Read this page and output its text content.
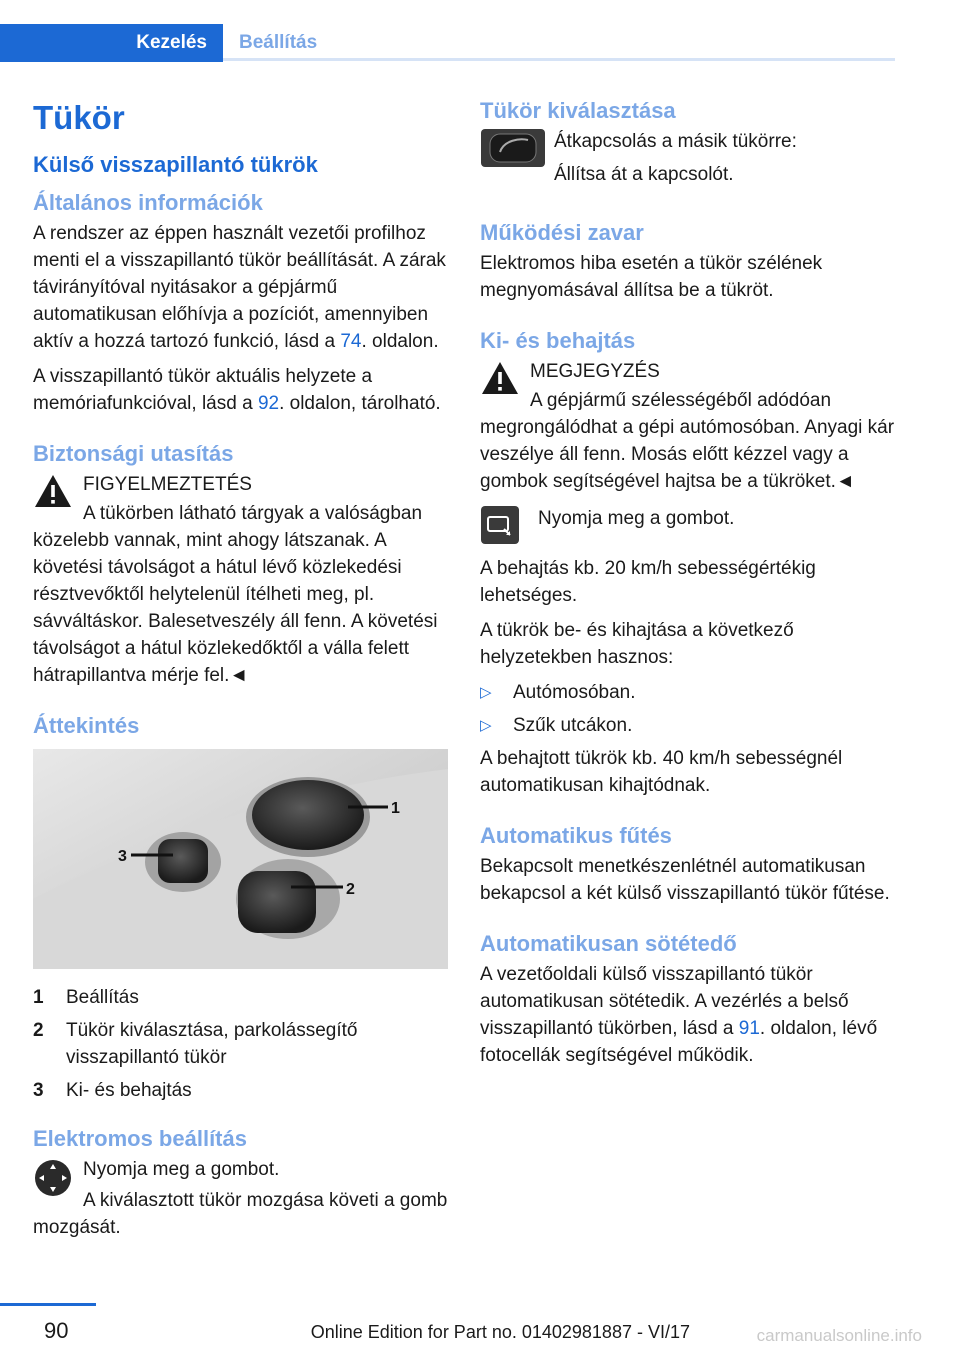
Kezelés	Beállítás
Tükör
Külső visszapillantó tükrök
Általános információk

A rendszer az éppen használt vezetői profilhoz menti el a visszapillantó tükör beállítását. A zárak távirányítóval nyitásakor a gépjármű automatikusan előhívja a pozíciót, amennyiben aktív a hozzá tartozó funkció, lásd a 74. oldalon.

A visszapillantó tükör aktuális helyzete a memóriafunkcióval, lásd a 92. oldalon, tárolható.

Biztonsági utasítás

FIGYELMEZTETÉS

A tükörben látható tárgyak a valóságban közelebb vannak, mint ahogy látszanak. A követési távolságot a hátul lévő közlekedési résztvevőktől helytelenül ítélheti meg, pl. sávváltáskor. Balesetveszély áll fenn. A követési távolságot a hátul közlekedőktől a válla felett hátrapillantva mérje fel.◄

Áttekintés
1
2
3
1	Beállítás
2	Tükör kiválasztása, parkolássegítő visszapillantó tükör
3	Ki- és behajtás
Elektromos beállítás

Nyomja meg a gombot.

A kiválasztott tükör mozgása követi a gomb mozgását.

Tükör kiválasztása

Átkapcsolás a másik tükörre:

Állítsa át a kapcsolót.

Működési zavar

Elektromos hiba esetén a tükör szélének megnyomásával állítsa be a tükröt.

Ki- és behajtás

MEGJEGYZÉS

A gépjármű szélességéből adódóan megrongálódhat a gépi autómosóban. Anyagi kár veszélye áll fenn. Mosás előtt kézzel vagy a gombok segítségével hajtsa be a tükröket.◄

Nyomja meg a gombot.

A behajtás kb. 20 km/h sebességértékig lehetséges.

A tükrök be- és kihajtása a következő helyzetekben hasznos:

▷	Autómosóban.
▷	Szűk utcákon.

A behajtott tükrök kb. 40 km/h sebességnél automatikusan kihajtódnak.

Automatikus fűtés

Bekapcsolt menetkészenlétnél automatikusan bekapcsol a két külső visszapillantó tükör fűtése.

Automatikusan sötétedő

A vezetőoldali külső visszapillantó tükör automatikusan sötétedik. A vezérlés a belső visszapillantó tükörben, lásd a 91. oldalon, lévő fotocellák segítségével működik.

90	Online Edition for Part no. 01402981887 - VI/17	carmanualsonline.info
